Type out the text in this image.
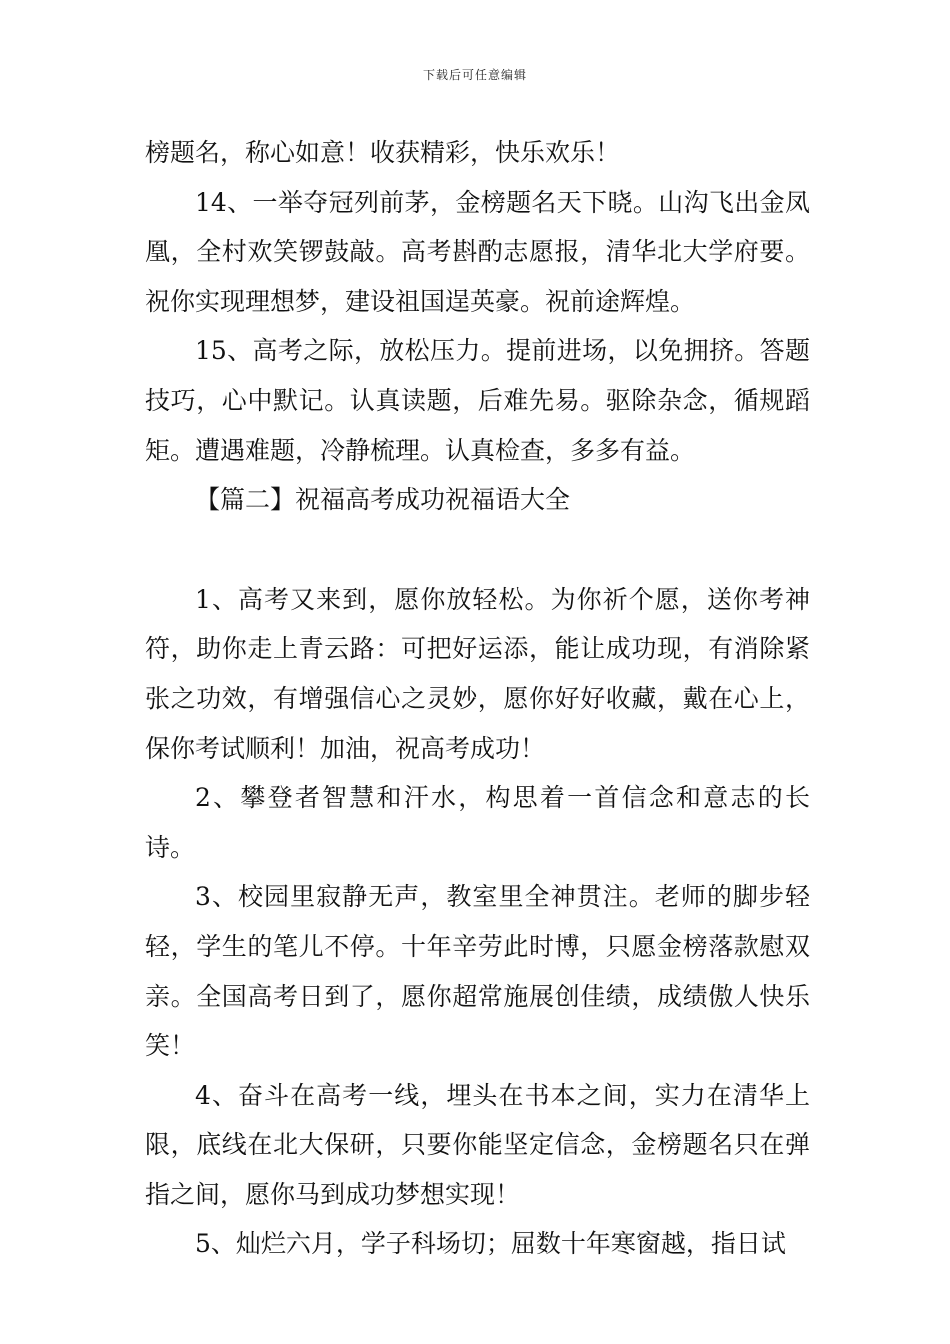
下载后可任意编辑

榜题名，称心如意！收获精彩，快乐欢乐！

14、一举夺冠列前茅，金榜题名天下晓。山沟飞出金凤凰，全村欢笑锣鼓敲。高考斟酌志愿报，清华北大学府要。祝你实现理想梦，建设祖国逞英豪。祝前途辉煌。

15、高考之际，放松压力。提前进场，以免拥挤。答题技巧，心中默记。认真读题，后难先易。驱除杂念，循规蹈矩。遭遇难题，冷静梳理。认真检查，多多有益。

【篇二】祝福高考成功祝福语大全

1、高考又来到，愿你放轻松。为你祈个愿，送你考神符，助你走上青云路：可把好运添，能让成功现，有消除紧张之功效，有增强信心之灵妙，愿你好好收藏，戴在心上，保你考试顺利！加油，祝高考成功！

2、攀登者智慧和汗水，构思着一首信念和意志的长诗。

3、校园里寂静无声，教室里全神贯注。老师的脚步轻轻，学生的笔儿不停。十年辛劳此时博，只愿金榜落款慰双亲。全国高考日到了，愿你超常施展创佳绩，成绩傲人快乐笑！

4、奋斗在高考一线，埋头在书本之间，实力在清华上限，底线在北大保研，只要你能坚定信念，金榜题名只在弹指之间，愿你马到成功梦想实现！

5、灿烂六月，学子科场切；屈数十年寒窗越，指日试
